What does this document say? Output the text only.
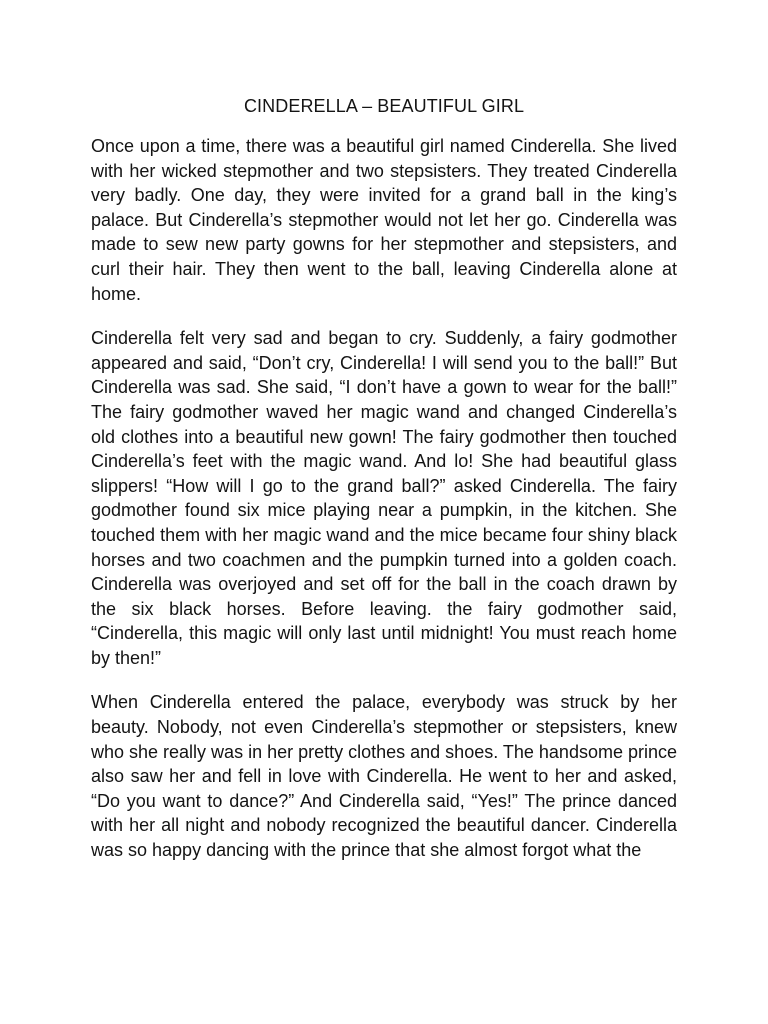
CINDERELLA – BEAUTIFUL GIRL

Once upon a time, there was a beautiful girl named Cinderella. She lived with her wicked stepmother and two stepsisters. They treated Cinderella very badly. One day, they were invited for a grand ball in the king’s palace. But Cinderella’s stepmother would not let her go. Cinderella was made to sew new party gowns for her stepmother and stepsisters, and curl their hair. They then went to the ball, leaving Cinderella alone at home.

Cinderella felt very sad and began to cry. Suddenly, a fairy godmother appeared and said, “Don’t cry, Cinderella! I will send you to the ball!” But Cinderella was sad. She said, “I don’t have a gown to wear for the ball!” The fairy godmother waved her magic wand and changed Cinderella’s old clothes into a beautiful new gown! The fairy godmother then touched Cinderella’s feet with the magic wand. And lo! She had beautiful glass slippers! “How will I go to the grand ball?” asked Cinderella. The fairy godmother found six mice playing near a pumpkin, in the kitchen. She touched them with her magic wand and the mice became four shiny black horses and two coachmen and the pumpkin turned into a golden coach. Cinderella was overjoyed and set off for the ball in the coach drawn by the six black horses. Before leaving. the fairy godmother said, “Cinderella, this magic will only last until midnight! You must reach home by then!”

When Cinderella entered the palace, everybody was struck by her beauty. Nobody, not even Cinderella’s stepmother or stepsisters, knew who she really was in her pretty clothes and shoes. The handsome prince also saw her and fell in love with Cinderella. He went to her and asked, “Do you want to dance?” And Cinderella said, “Yes!” The prince danced with her all night and nobody recognized the beautiful dancer. Cinderella was so happy dancing with the prince that she almost forgot what the
